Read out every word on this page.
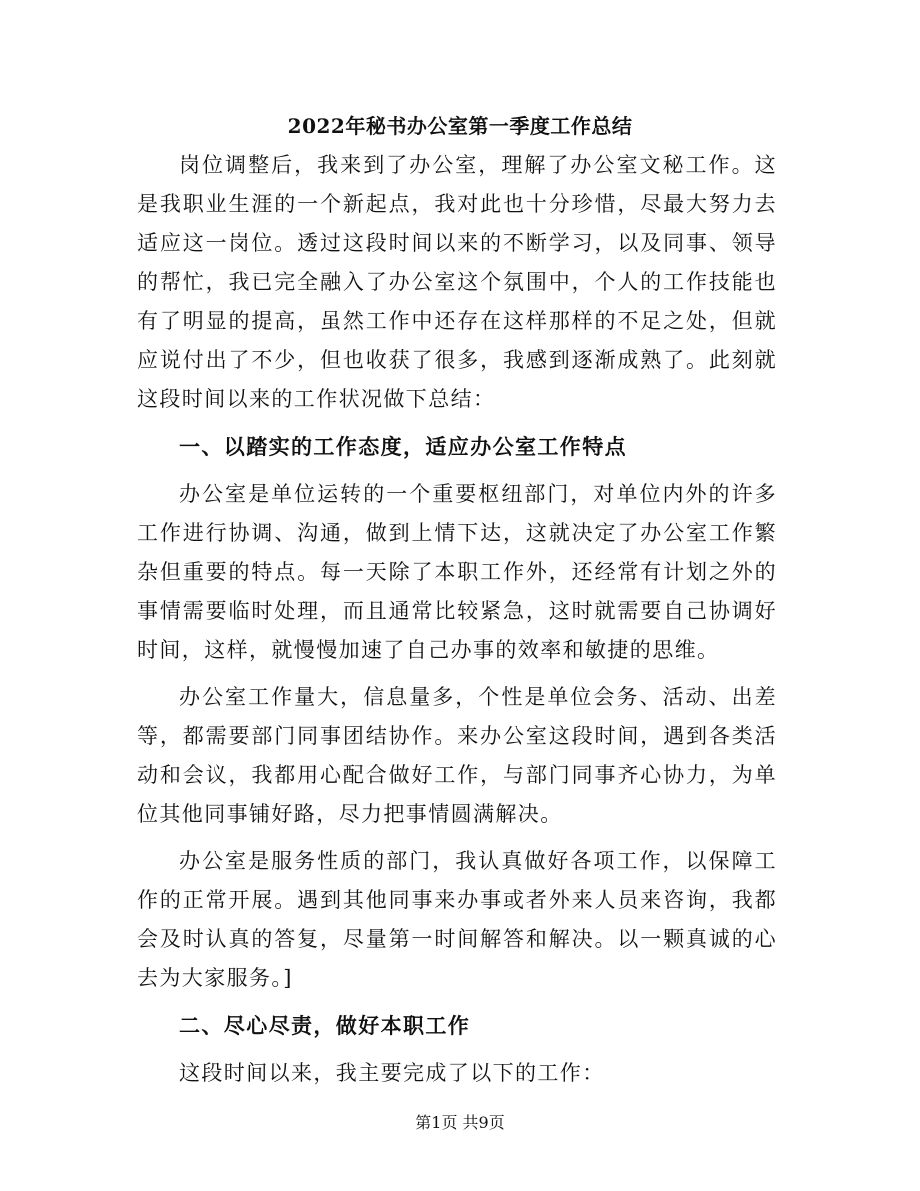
2022年秘书办公室第一季度工作总结

岗位调整后，我来到了办公室，理解了办公室文秘工作。这是我职业生涯的一个新起点，我对此也十分珍惜，尽最大努力去适应这一岗位。透过这段时间以来的不断学习，以及同事、领导的帮忙，我已完全融入了办公室这个氛围中，个人的工作技能也有了明显的提高，虽然工作中还存在这样那样的不足之处，但就应说付出了不少，但也收获了很多，我感到逐渐成熟了。此刻就这段时间以来的工作状况做下总结：

一、以踏实的工作态度，适应办公室工作特点

办公室是单位运转的一个重要枢纽部门，对单位内外的许多工作进行协调、沟通，做到上情下达，这就决定了办公室工作繁杂但重要的特点。每一天除了本职工作外，还经常有计划之外的事情需要临时处理，而且通常比较紧急，这时就需要自己协调好时间，这样，就慢慢加速了自己办事的效率和敏捷的思维。

办公室工作量大，信息量多，个性是单位会务、活动、出差等，都需要部门同事团结协作。来办公室这段时间，遇到各类活动和会议，我都用心配合做好工作，与部门同事齐心协力，为单位其他同事铺好路，尽力把事情圆满解决。

办公室是服务性质的部门，我认真做好各项工作，以保障工作的正常开展。遇到其他同事来办事或者外来人员来咨询，我都会及时认真的答复，尽量第一时间解答和解决。以一颗真诚的心去为大家服务。]

二、尽心尽责，做好本职工作

这段时间以来，我主要完成了以下的工作：

第1页 共9页
